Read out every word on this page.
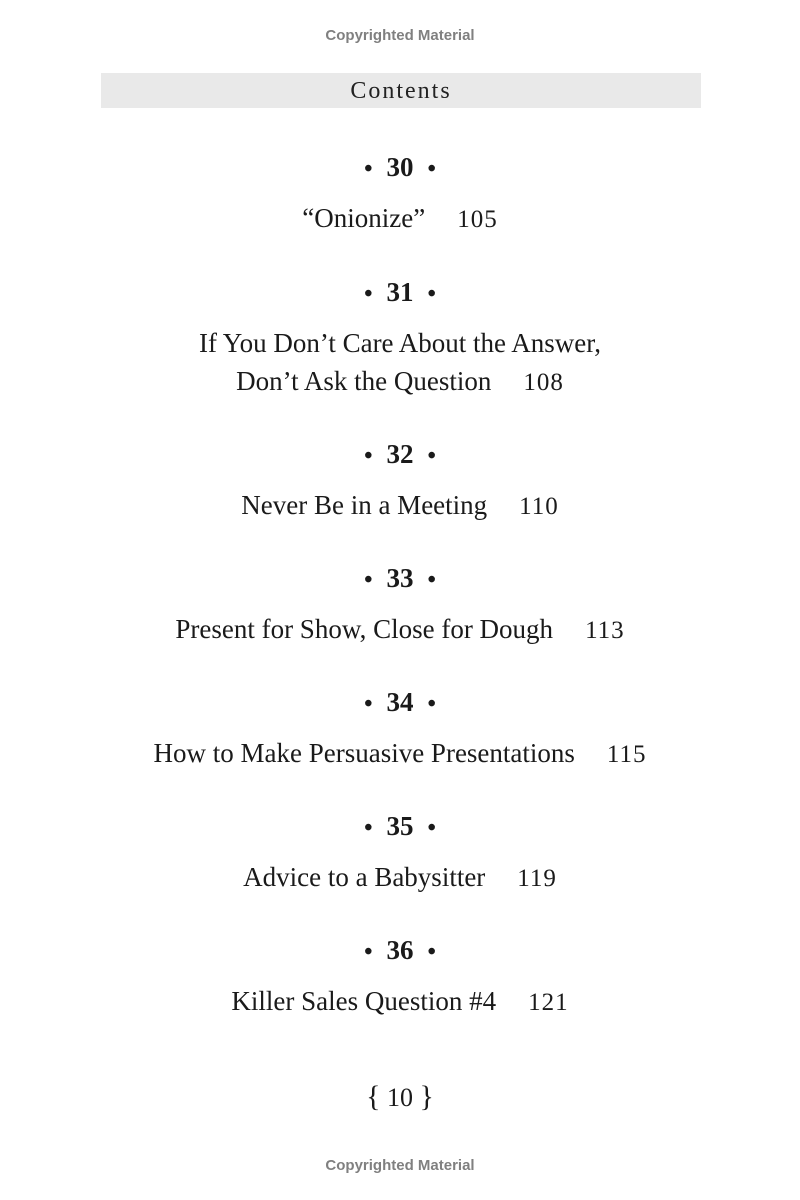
Copyrighted Material
Contents
• 30 •
“Onionize” 105
• 31 •
If You Don’t Care About the Answer,
Don’t Ask the Question 108
• 32 •
Never Be in a Meeting 110
• 33 •
Present for Show, Close for Dough 113
• 34 •
How to Make Persuasive Presentations 115
• 35 •
Advice to a Babysitter 119
• 36 •
Killer Sales Question #4 121
{ 10 }
Copyrighted Material
